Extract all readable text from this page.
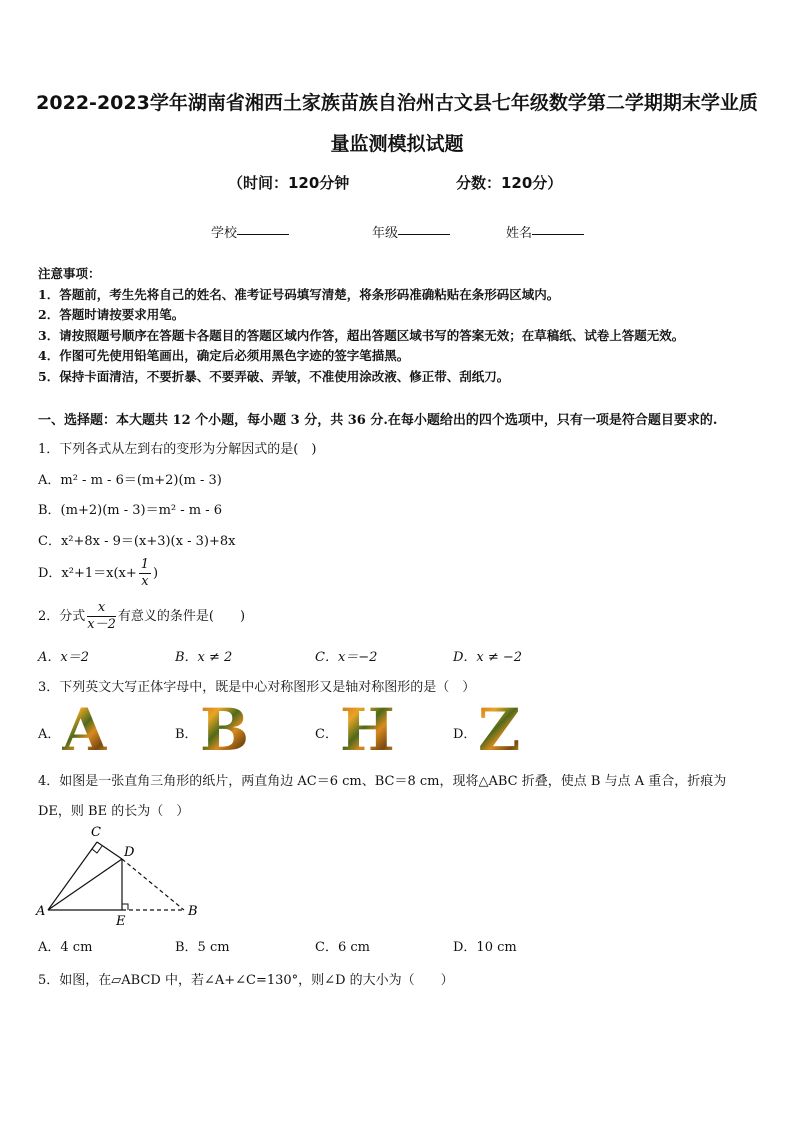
2022-2023学年湖南省湘西土家族苗族自治州古文县七年级数学第二学期期末学业质
量监测模拟试题
（时间：120分钟	分数：120分）
学校	年级	姓名
注意事项：
1．答题前，考生先将自己的姓名、准考证号码填写清楚，将条形码准确粘贴在条形码区域内。
2．答题时请按要求用笔。
3．请按照题号顺序在答题卡各题目的答题区域内作答，超出答题区域书写的答案无效；在草稿纸、试卷上答题无效。
4．作图可先使用铅笔画出，确定后必须用黑色字迹的签字笔描黑。
5．保持卡面清洁，不要折暴、不要弄破、弄皱，不准使用涂改液、修正带、刮纸刀。
一、选择题：本大题共 12 个小题，每小题 3 分，共 36 分.在每小题给出的四个选项中，只有一项是符合题目要求的.
1．下列各式从左到右的变形为分解因式的是(　)
A．m² - m - 6＝(m+2)(m - 3)
B．(m+2)(m - 3)＝m² - m - 6
C．x²+8x - 9＝(x+3)(x - 3)+8x
D．$x^2+1=x(x+ \frac{1}{x}$ )
2．分式 $\frac{x}{x-2}$ 有意义的条件是(　　)
A．x＝2	B．x ≠ 2	C．x＝−2	D．x ≠ −2
3．下列英文大写正体字母中，既是中心对称图形又是轴对称图形的是（　）
A． A	B． B	C． H	D． Z
4．如图是一张直角三角形的纸片，两直角边 AC＝6 cm、BC＝8 cm，现将△ABC 折叠，使点 B 与点 A 重合，折痕为
DE，则 BE 的长为（　）
A	B
C
D
E
A．4 cm	B．5 cm	C．6 cm	D．10 cm
5．如图，在▱ABCD 中，若∠A+∠C=130°，则∠D 的大小为（　　）
